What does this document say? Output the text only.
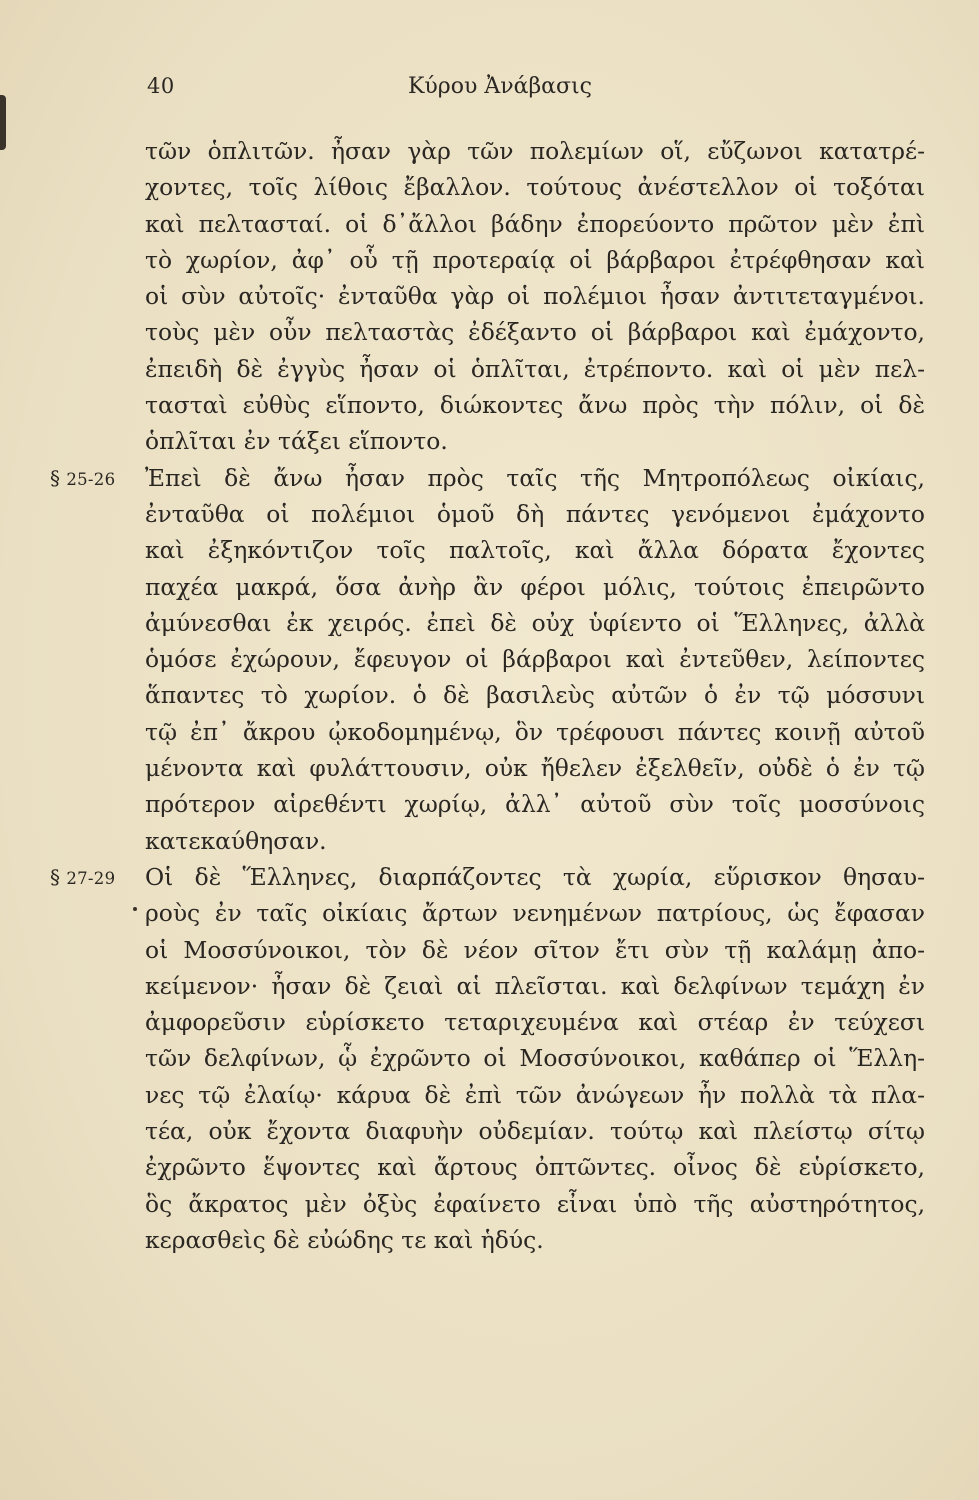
40	Κύρου Ἀνάβασις
τῶν ὁπλιτῶν. ἦσαν γὰρ τῶν πολεμίων οἵ, εὔζωνοι κατατρέ-
χοντες, τοῖς λίθοις ἔβαλλον. τούτους ἀνέστελλον οἱ τοξόται
καὶ πελτασταί. οἱ δ᾽ἄλλοι βάδην ἐπορεύοντο πρῶτον μὲν ἐπὶ
τὸ χωρίον, ἀφ᾽ οὗ τῇ προτεραίᾳ οἱ βάρβαροι ἐτρέφθησαν καὶ
οἱ σὺν αὐτοῖς· ἐνταῦθα γὰρ οἱ πολέμιοι ἦσαν ἀντιτεταγμένοι.
τοὺς μὲν οὖν πελταστὰς ἐδέξαντο οἱ βάρβαροι καὶ ἐμάχοντο,
ἐπειδὴ δὲ ἐγγὺς ἦσαν οἱ ὁπλῖται, ἐτρέποντο. καὶ οἱ μὲν πελ-
τασταὶ εὐθὺς εἵποντο, διώκοντες ἄνω πρὸς τὴν πόλιν, οἱ δὲ
ὁπλῖται ἐν τάξει εἵποντο.
Ἐπεὶ δὲ ἄνω ἦσαν πρὸς ταῖς τῆς Μητροπόλεως οἰκίαις,
ἐνταῦθα οἱ πολέμιοι ὁμοῦ δὴ πάντες γενόμενοι ἐμάχοντο
καὶ ἐξηκόντιζον τοῖς παλτοῖς, καὶ ἄλλα δόρατα ἔχοντες
παχέα μακρά, ὅσα ἀνὴρ ἂν φέροι μόλις, τούτοις ἐπειρῶντο
ἀμύνεσθαι ἐκ χειρός. ἐπεὶ δὲ οὐχ ὑφίεντο οἱ Ἕλληνες, ἀλλὰ
ὁμόσε ἐχώρουν, ἔφευγον οἱ βάρβαροι καὶ ἐντεῦθεν, λείποντες
ἅπαντες τὸ χωρίον. ὁ δὲ βασιλεὺς αὐτῶν ὁ ἐν τῷ μόσσυνι
τῷ ἐπ᾽ ἄκρου ᾠκοδομημένῳ, ὃν τρέφουσι πάντες κοινῇ αὐτοῦ
μένοντα καὶ φυλάττουσιν, οὐκ ἤθελεν ἐξελθεῖν, οὐδὲ ὁ ἐν τῷ
πρότερον αἱρεθέντι χωρίῳ, ἀλλ᾽ αὐτοῦ σὺν τοῖς μοσσύνοις
κατεκαύθησαν.
Οἱ δὲ Ἕλληνες, διαρπάζοντες τὰ χωρία, εὕρισκον θησαυ-
ροὺς ἐν ταῖς οἰκίαις ἄρτων νενημένων πατρίους, ὡς ἔφασαν
οἱ Μοσσύνοικοι, τὸν δὲ νέον σῖτον ἔτι σὺν τῇ καλάμῃ ἀπο-
κείμενον· ἦσαν δὲ ζειαὶ αἱ πλεῖσται. καὶ δελφίνων τεμάχη ἐν
ἀμφορεῦσιν εὑρίσκετο τεταριχευμένα καὶ στέαρ ἐν τεύχεσι
τῶν δελφίνων, ᾧ ἐχρῶντο οἱ Μοσσύνοικοι, καθάπερ οἱ Ἕλλη-
νες τῷ ἐλαίῳ· κάρυα δὲ ἐπὶ τῶν ἀνώγεων ἦν πολλὰ τὰ πλα-
τέα, οὐκ ἔχοντα διαφυὴν οὐδεμίαν. τούτῳ καὶ πλείστῳ σίτῳ
ἐχρῶντο ἕψοντες καὶ ἄρτους ὀπτῶντες. οἶνος δὲ εὑρίσκετο,
ὃς ἄκρατος μὲν ὀξὺς ἐφαίνετο εἶναι ὑπὸ τῆς αὐστηρότητος,
κερασθεὶς δὲ εὐώδης τε καὶ ἡδύς.
§ 25-26
§ 27-29
